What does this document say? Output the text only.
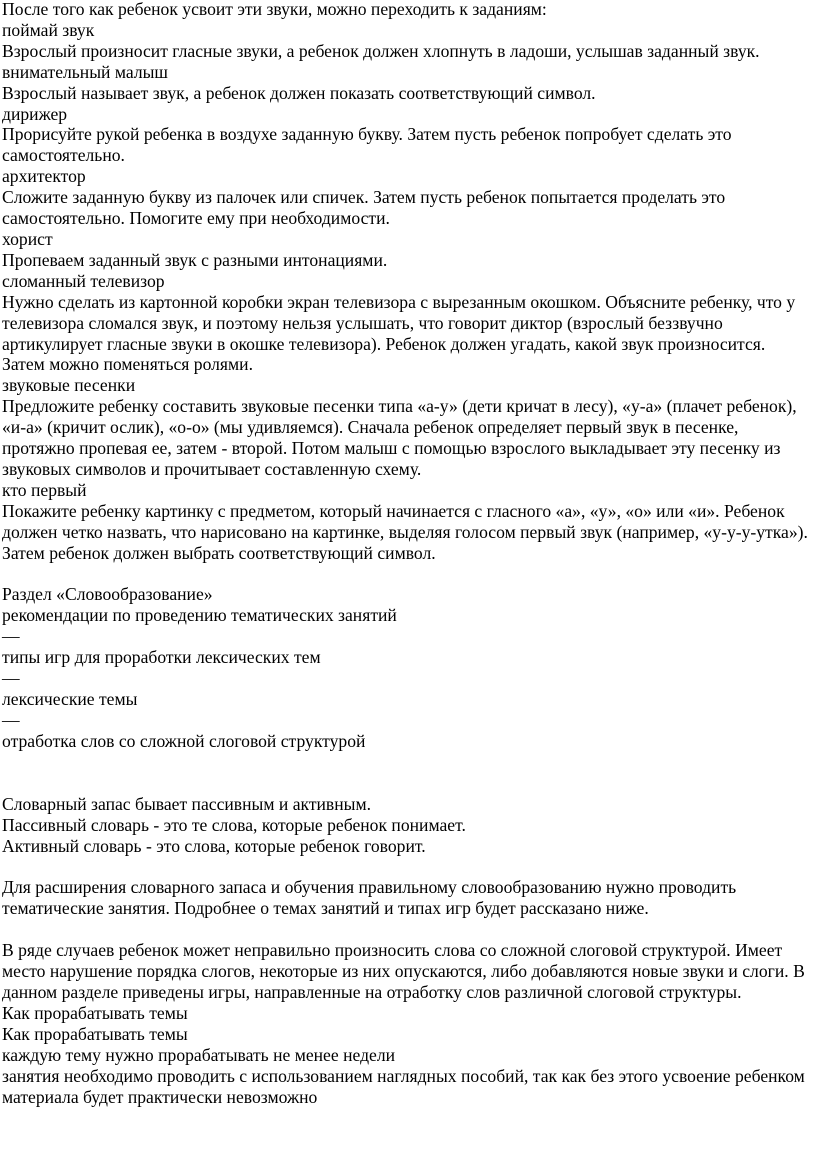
После того как ребенок усвоит эти звуки, можно переходить к заданиям:

поймай звук

Взрослый произносит гласные звуки, а ребенок должен хлопнуть в ладоши, услышав заданный звук.

внимательный малыш

Взрослый называет звук, а ребенок должен показать соответствующий символ.

дирижер

Прорисуйте рукой ребенка в воздухе заданную букву. Затем пусть ребенок попробует сделать это самостоятельно.

архитектор

Сложите заданную букву из палочек или спичек. Затем пусть ребенок попытается проделать это самостоятельно. Помогите ему при необходимости.

хорист

Пропеваем заданный звук с разными интонациями.

сломанный телевизор

Нужно сделать из картонной коробки экран телевизора с вырезанным окошком. Объясните ребенку, что у телевизора сломался звук, и поэтому нельзя услышать, что говорит диктор (взрослый беззвучно артикулирует гласные звуки в окошке телевизора). Ребенок должен угадать, какой звук произносится. Затем можно поменяться ролями.

звуковые песенки

Предложите ребенку составить звуковые песенки типа «а-у» (дети кричат в лесу), «у-а» (плачет ребенок), «и-а» (кричит ослик), «о-о» (мы удивляемся). Сначала ребенок определяет первый звук в песенке, протяжно пропевая ее, затем - второй. Потом малыш с помощью взрослого выкладывает эту песенку из звуковых символов и прочитывает составленную схему.

кто первый

Покажите ребенку картинку с предметом, который начинается с гласного «а», «у», «о» или «и». Ребенок должен четко назвать, что нарисовано на картинке, выделяя голосом первый звук (например, «у-у-у-утка»). Затем ребенок должен выбрать соответствующий символ.

Раздел «Словообразование»

рекомендации по проведению тематических занятий

—

типы игр для проработки лексических тем

—

лексические темы

—

отработка слов со сложной слоговой структурой

Словарный запас бывает пассивным и активным.

Пассивный словарь - это те слова, которые ребенок понимает.

Активный словарь - это слова, которые ребенок говорит.

Для расширения словарного запаса и обучения правильному словообразованию нужно проводить тематические занятия. Подробнее о темах занятий и типах игр будет рассказано ниже.

В ряде случаев ребенок может неправильно произносить слова со сложной слоговой структурой. Имеет место нарушение порядка слогов, некоторые из них опускаются, либо добавляются новые звуки и слоги. В данном разделе приведены игры, направленные на отработку слов различной слоговой структуры.

Как прорабатывать темы

Как прорабатывать темы

каждую тему нужно прорабатывать не менее недели

занятия необходимо проводить с использованием наглядных пособий, так как без этого усвоение ребенком материала будет практически невозможно
